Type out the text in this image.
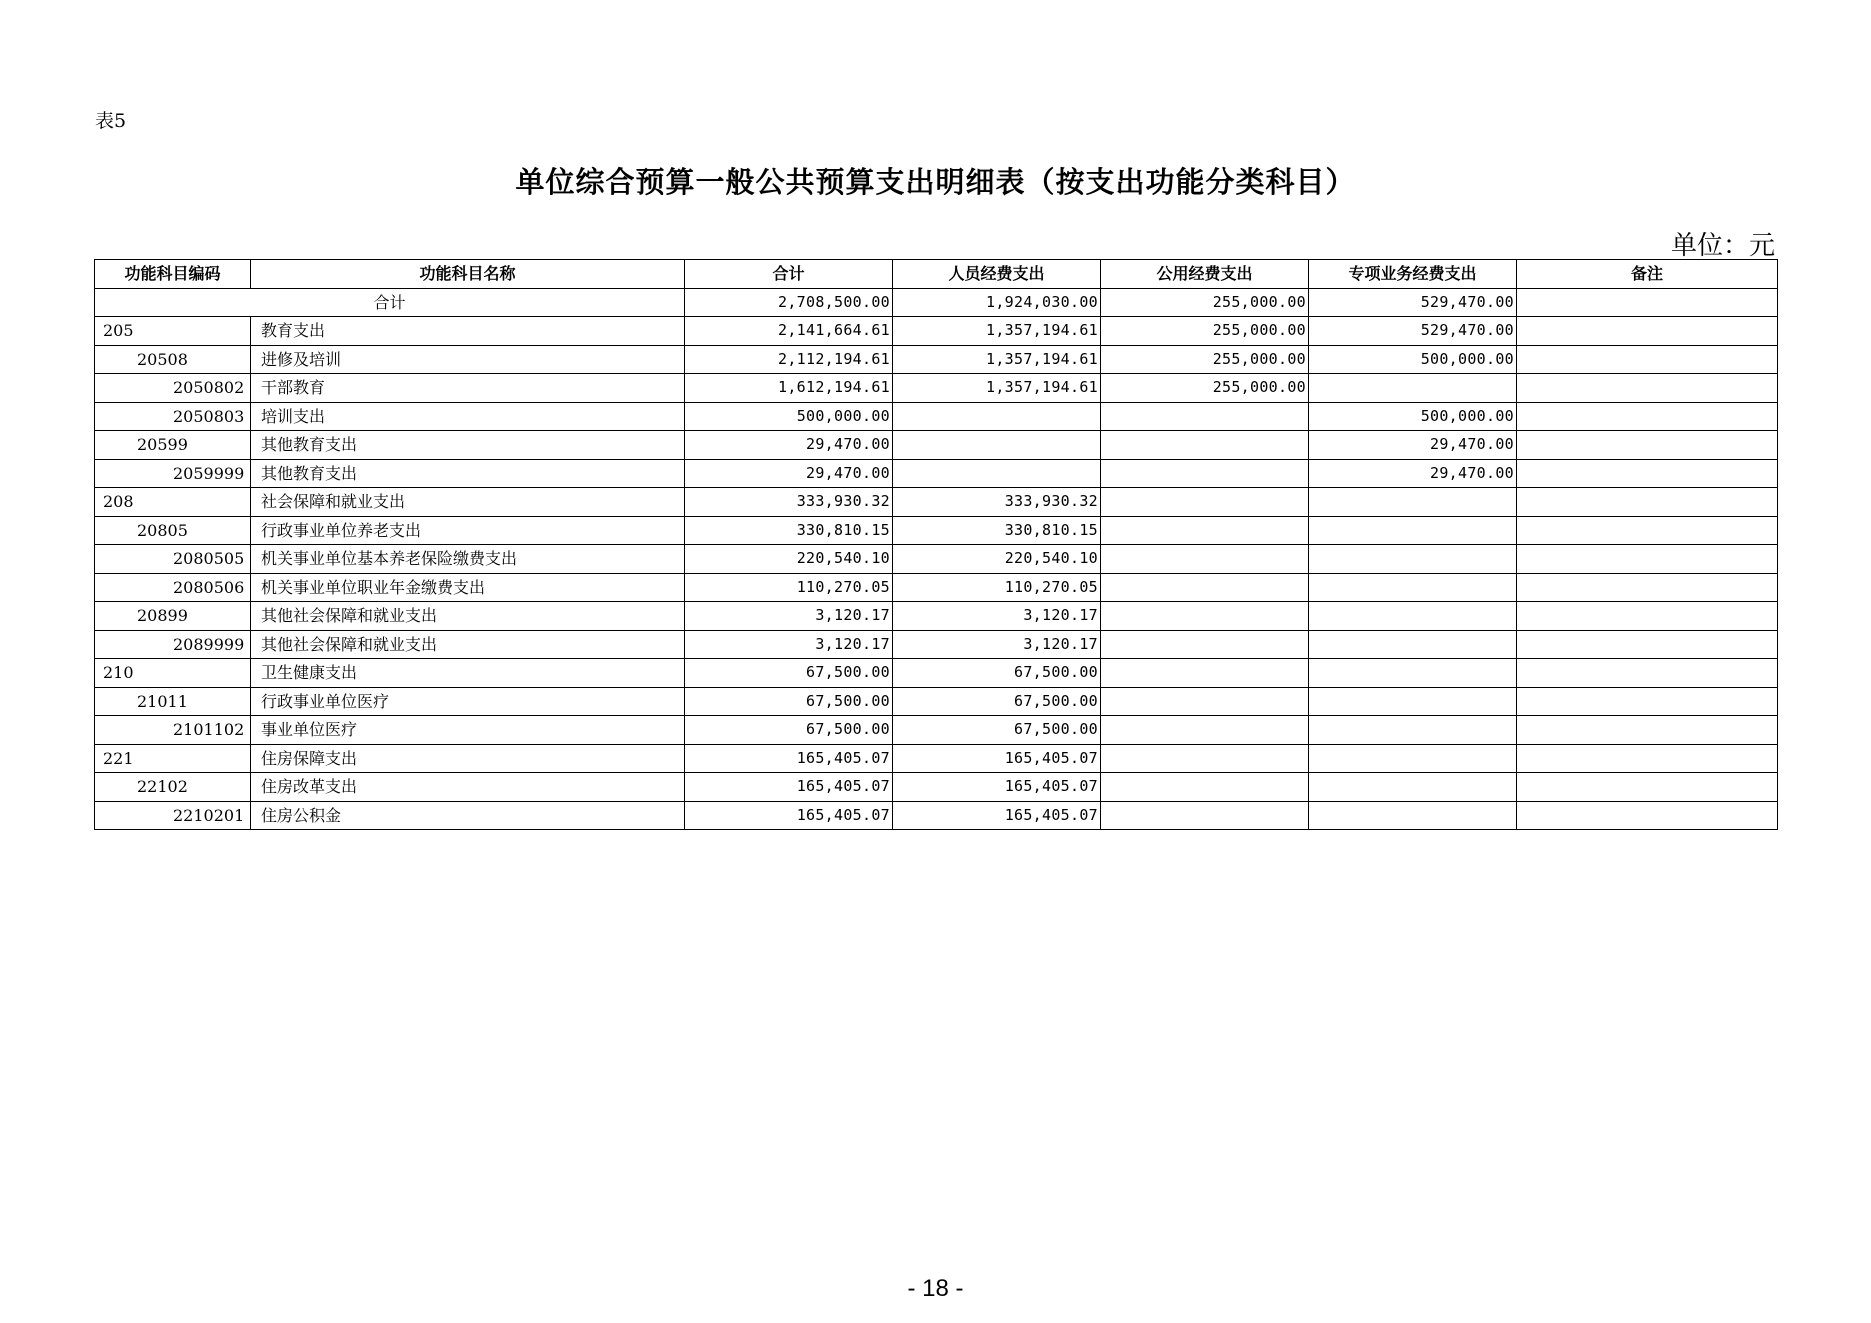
表5
单位综合预算一般公共预算支出明细表（按支出功能分类科目）
单位：元
功能科目编码	功能科目名称	合计	人员经费支出	公用经费支出	专项业务经费支出	备注
合计		2,708,500.00	1,924,030.00	255,000.00	529,470.00	
205	教育支出	2,141,664.61	1,357,194.61	255,000.00	529,470.00	
20508	进修及培训	2,112,194.61	1,357,194.61	255,000.00	500,000.00	
2050802	干部教育	1,612,194.61	1,357,194.61	255,000.00		
2050803	培训支出	500,000.00			500,000.00	
20599	其他教育支出	29,470.00			29,470.00	
2059999	其他教育支出	29,470.00			29,470.00	
208	社会保障和就业支出	333,930.32	333,930.32			
20805	行政事业单位养老支出	330,810.15	330,810.15			
2080505	机关事业单位基本养老保险缴费支出	220,540.10	220,540.10			
2080506	机关事业单位职业年金缴费支出	110,270.05	110,270.05			
20899	其他社会保障和就业支出	3,120.17	3,120.17			
2089999	其他社会保障和就业支出	3,120.17	3,120.17			
210	卫生健康支出	67,500.00	67,500.00			
21011	行政事业单位医疗	67,500.00	67,500.00			
2101102	事业单位医疗	67,500.00	67,500.00			
221	住房保障支出	165,405.07	165,405.07			
22102	住房改革支出	165,405.07	165,405.07			
2210201	住房公积金	165,405.07	165,405.07			
- 18 -
